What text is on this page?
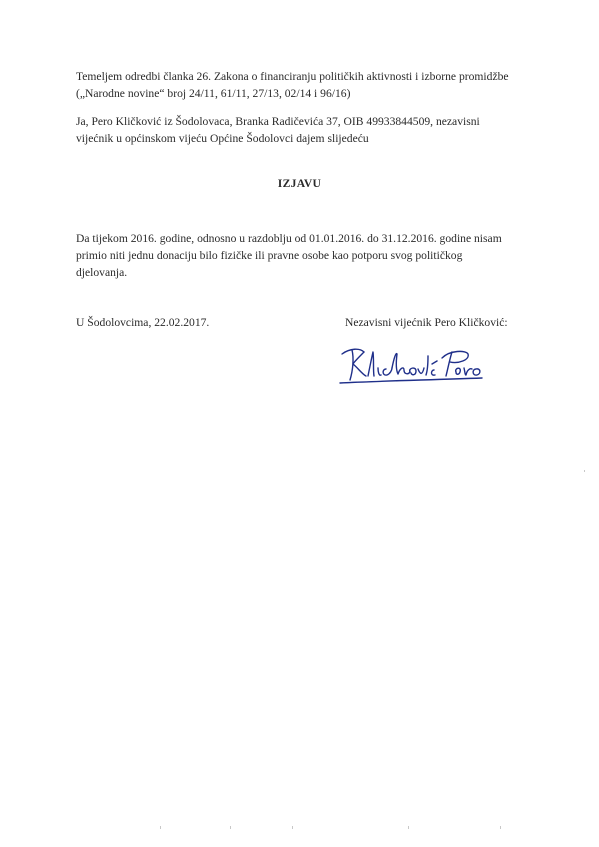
Temeljem odredbi članka 26. Zakona o financiranju političkih aktivnosti i izborne promidžbe
(„Narodne novine“ broj 24/11, 61/11, 27/13, 02/14 i 96/16)

Ja, Pero Kličković iz Šodolovaca, Branka Radičevića 37, OIB 49933844509, nezavisni
vijećnik u općinskom vijeću Općine Šodolovci dajem slijedeću

IZJAVU

Da tijekom 2016. godine, odnosno u razdoblju od 01.01.2016. do 31.12.2016. godine nisam
primio niti jednu donaciju bilo fizičke ili pravne osobe kao potporu svog političkog
djelovanja.

U Šodolovcima, 22.02.2017.	Nezavisni vijećnik Pero Kličković:
